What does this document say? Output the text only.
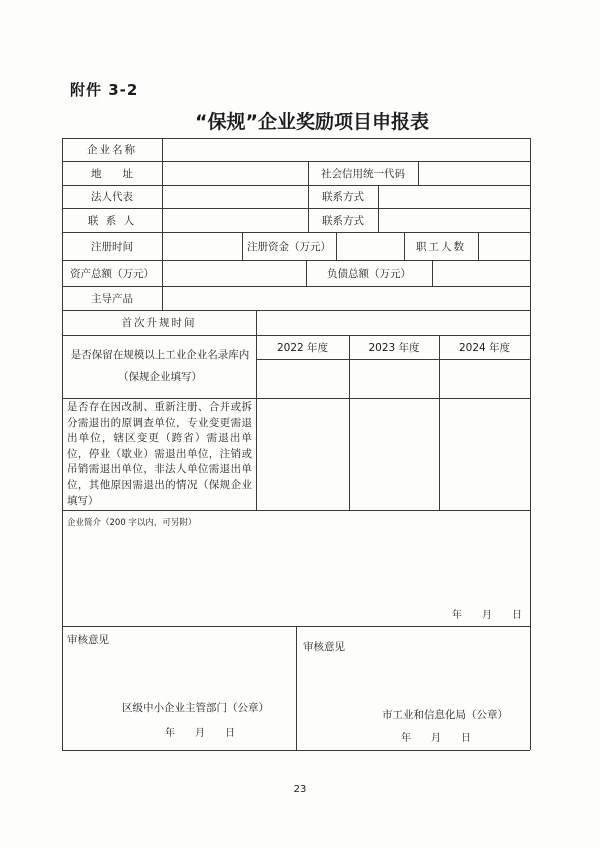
附件 3-2
“保规”企业奖励项目申报表
企业名称
地　　址	社会信用统一代码
法人代表	联系方式
联 系 人	联系方式
注册时间	注册资金（万元）	职工人数
资产总额（万元）	负债总额（万元）
主导产品
首次升规时间
是否保留在规模以上工业企业名录库内（保规企业填写）
2022 年度	2023 年度	2024 年度
是否存在因改制、重新注册、合并或拆分需退出的原调查单位，专业变更需退出单位，辖区变更（跨省）需退出单位，停业（歇业）需退出单位，注销或吊销需退出单位，非法人单位需退出单位，其他原因需退出的情况（保规企业填写）
企业简介（200 字以内，可另附）
年　　月　　日
审核意见
区级中小企业主管部门（公章）
年　　月　　日
审核意见
市工业和信息化局（公章）
年　　月　　日
23
